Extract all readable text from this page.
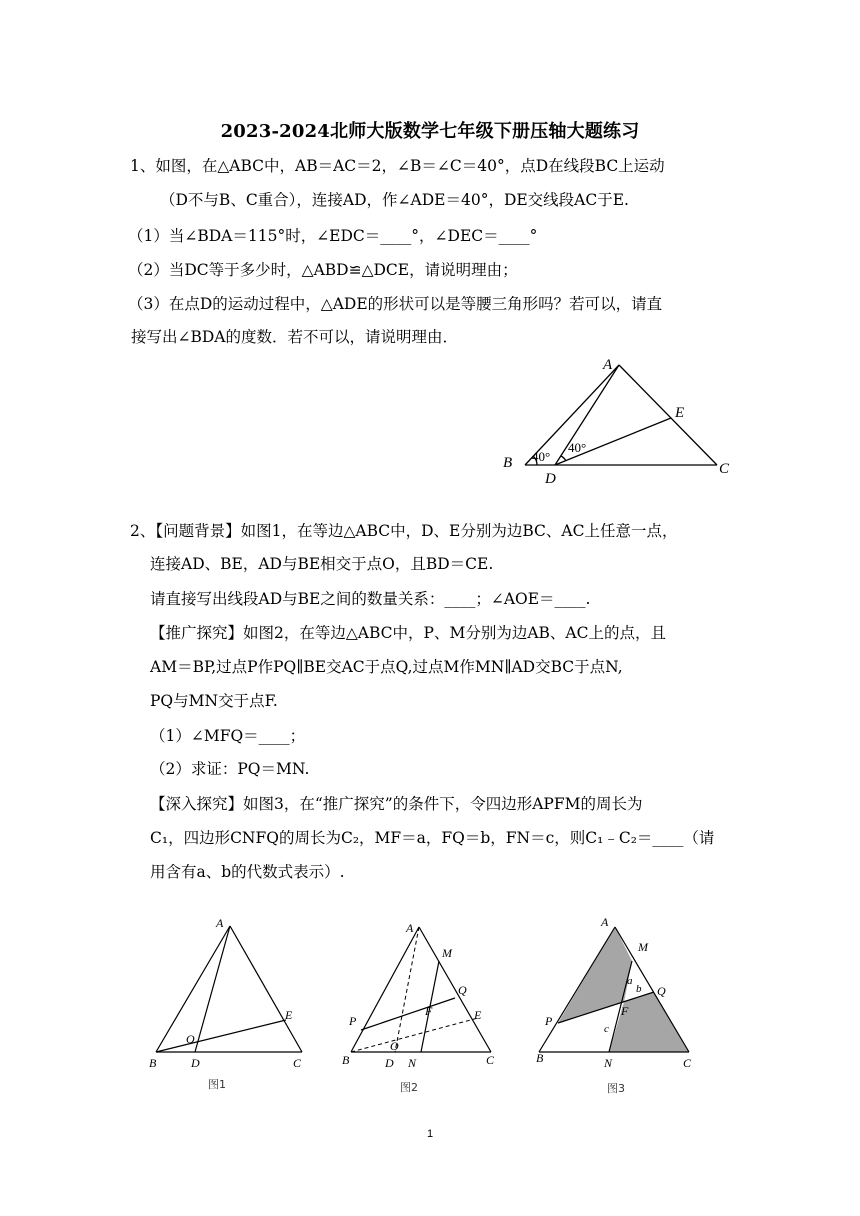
2023-2024北师大版数学七年级下册压轴大题练习
1、如图，在△ABC中，AB＝AC＝2，∠B＝∠C＝40°，点D在线段BC上运动
（D不与B、C重合），连接AD，作∠ADE＝40°，DE交线段AC于E.
（1）当∠BDA＝115°时，∠EDC＝____°，∠DEC＝____°
（2）当DC等于多少时，△ABD≌△DCE，请说明理由；
（3）在点D的运动过程中，△ADE的形状可以是等腰三角形吗？若可以，请直
接写出∠BDA的度数．若不可以，请说明理由．
A
B	C
D
E
40°
40°
2、【问题背景】如图1，在等边△ABC中，D、E分别为边BC、AC上任意一点，
连接AD、BE，AD与BE相交于点O，且BD＝CE.
请直接写出线段AD与BE之间的数量关系：____；∠AOE＝____.
【推广探究】如图2，在等边△ABC中，P、M分别为边AB、AC上的点，且
AM＝BP,过点P作PQ∥BE交AC于点Q,过点M作MN∥AD交BC于点N,
PQ与MN交于点F.
（1）∠MFQ＝____；
（2）求证：PQ＝MN.
【深入探究】如图3，在“推广探究”的条件下，令四边形APFM的周长为
C₁，四边形CNFQ的周长为C₂，MF＝a，FQ＝b，FN＝c，则C₁﹣C₂＝____（请
用含有a、b的代数式表示）.
A
B	C
D
E
O
图1
A
B	C
D
E
O
M
Q
P
F
N
图2
A
B	C
M
Q
P
F
N
a
b
c
图3
1
